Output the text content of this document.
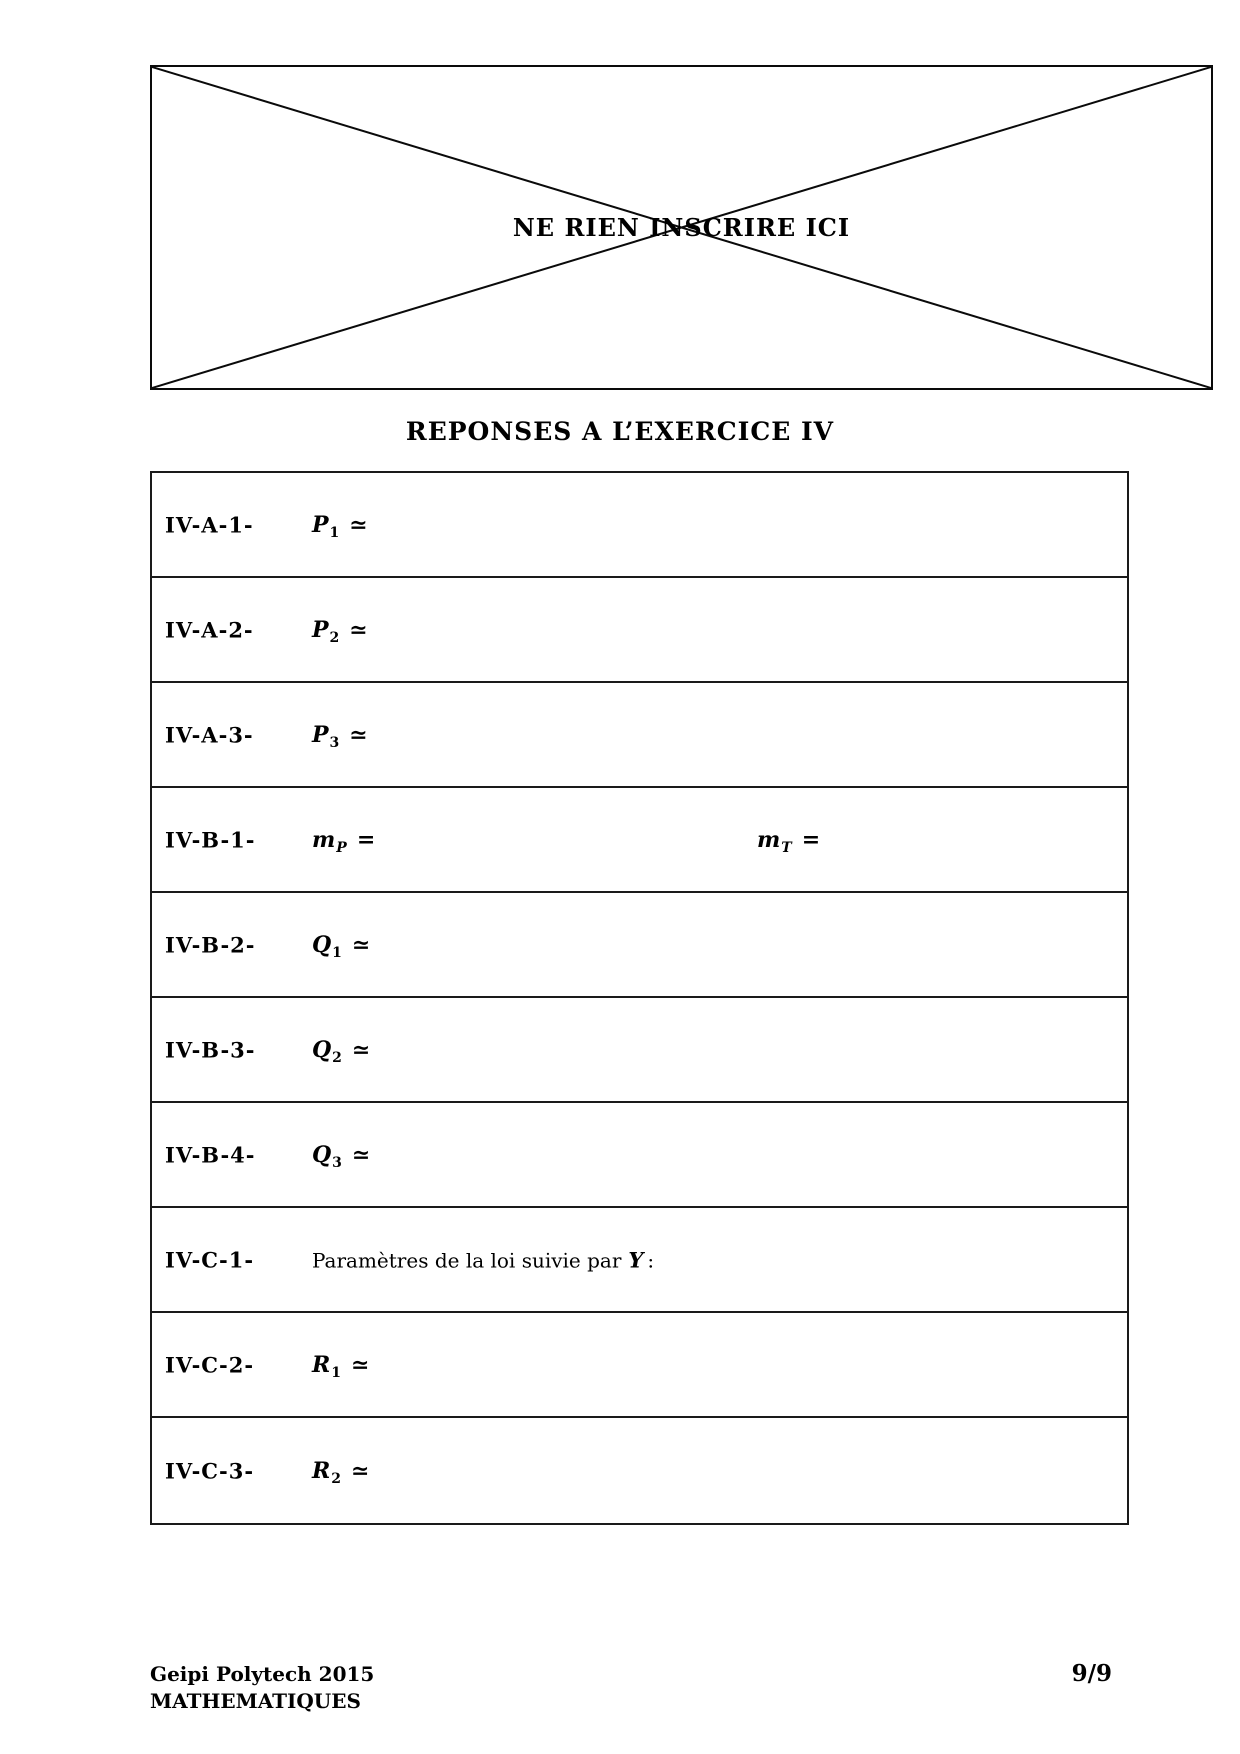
NE RIEN INSCRIRE ICI
REPONSES A L’EXERCICE IV
IV-A-1-	$P_1$ ≃
IV-A-2-	$P_2$ ≃
IV-A-3-	$P_3$ ≃
IV-B-1-	$m_P$ =	$m_T$ =
IV-B-2-	$Q_1$ ≃
IV-B-3-	$Q_2$ ≃
IV-B-4-	$Q_3$ ≃
IV-C-1-	Paramètres de la loi suivie par Y :
IV-C-2-	$R_1$ ≃
IV-C-3-	$R_2$ ≃
Geipi Polytech 2015
MATHEMATIQUES
9/9
